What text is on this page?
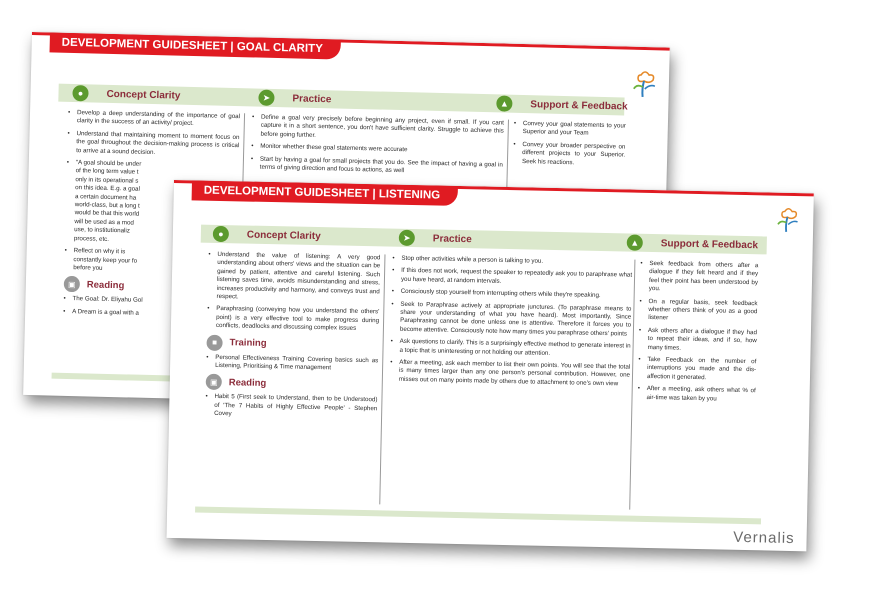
DEVELOPMENT GUIDESHEET | GOAL CLARITY
●	Concept Clarity	➤	Practice	▲	Support & Feedback
• Develop a deep understanding of the importance of goal clarity in the success of an activity/ project.
• Understand that maintaining moment to moment focus on the goal throughout the decision-making process is critical to arrive at a sound decision.
• "A goal should be under
of the long term value t
only in its operational s
on this idea. E.g. a goal
a certain document ha
world-class, but a long t
would be that this world
will be used as a mod
use, to institutionaliz
process, etc.
• Reflect on why it is
constantly keep your fo
before you
▣	Reading
• The Goal: Dr. Eliyahu Gol
• A Dream is a goal with a
• Define a goal very precisely before beginning any project, even if small. If you cant capture it in a short sentence, you don't have sufficient clarity. Struggle to achieve this before going further.
• Monitor whether these goal statements were accurate
• Start by having a goal for small projects that you do. See the impact of having a goal in terms of giving direction and focus to actions, as well
• Convey your goal statements to your Superior and your Team
• Convey your broader perspective on different projects to your Superior. Seek his reactions.
DEVELOPMENT GUIDESHEET | LISTENING
●	Concept Clarity	➤	Practice	▲	Support & Feedback
• Understand the value of listening: A very good understanding about others' views and the situation can be gained by patient, attentive and careful listening. Such listening saves time, avoids misunderstanding and stress, increases productivity and harmony, and conveys trust and respect.
• Paraphrasing (conveying how you understand the others' point) is a very effective tool to make progress during conflicts, deadlocks and discussing complex issues
■	Training
• Personal Effectiveness Training Covering basics such as Listening, Prioritising & Time management
▣	Reading
• Habit 5 (First seek to Understand, then to be Understood) of 'The 7 Habits of Highly Effective People' - Stephen Covey
• Stop other activities while a person is talking to you.
• If this does not work, request the speaker to repeatedly ask you to paraphrase what you have heard, at random intervals.
• Consciously stop yourself from interrupting others while they're speaking.
• Seek to Paraphrase actively at appropriate junctures. (To paraphrase means to share your understanding of what you have heard). Most importantly, Since Paraphrasing cannot be done unless one is attentive. Therefore it forces you to become attentive. Consciously note how many times you paraphrase others' points
• Ask questions to clarify. This is a surprisingly effective method to generate interest in a topic that is uninteresting or not holding our attention.
• After a meeting, ask each member to list their own points. You will see that the total is many times larger than any one person's personal contribution. However, one misses out on many points made by others due to attachment to one's own view
• Seek feedback from others after a dialogue if they felt heard and if they feel their point has been understood by you.
• On a regular basis, seek feedback whether others think of you as a good listener
• Ask others after a dialogue if they had to repeat their ideas, and if so, how many times.
• Take Feedback on the number of interruptions you made and the dis-affection it generated.
• After a meeting, ask others what % of air-time was taken by you
Vernalis
